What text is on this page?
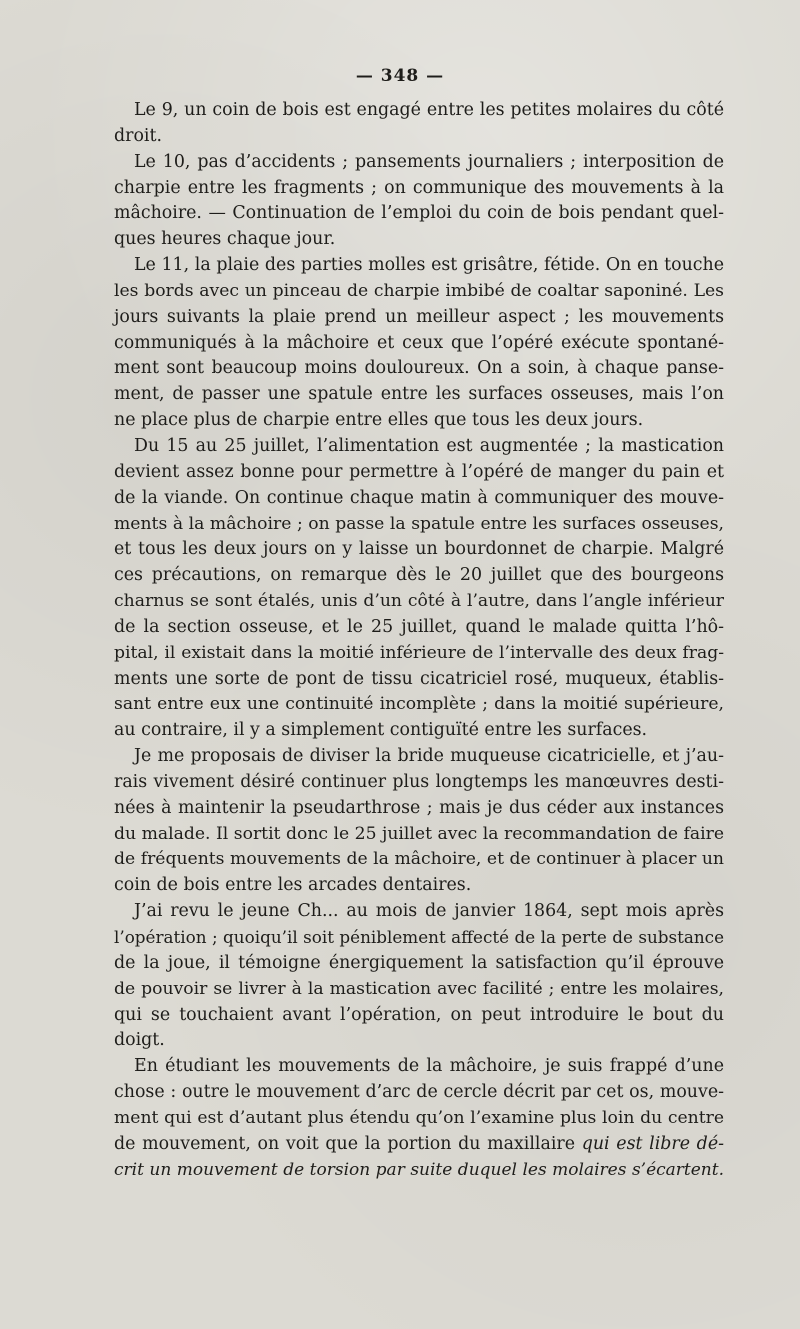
— 348 —
Le 9, un coin de bois est engagé entre les petites molaires du côté
droit.
Le 10, pas d’accidents ; pansements journaliers ; interposition de
charpie entre les fragments ; on communique des mouvements à la
mâchoire. — Continuation de l’emploi du coin de bois pendant quel-
ques heures chaque jour.
Le 11, la plaie des parties molles est grisâtre, fétide. On en touche
les bords avec un pinceau de charpie imbibé de coaltar saponiné. Les
jours suivants la plaie prend un meilleur aspect ; les mouvements
communiqués à la mâchoire et ceux que l’opéré exécute spontané-
ment sont beaucoup moins douloureux. On a soin, à chaque panse-
ment, de passer une spatule entre les surfaces osseuses, mais l’on
ne place plus de charpie entre elles que tous les deux jours.
Du 15 au 25 juillet, l’alimentation est augmentée ; la mastication
devient assez bonne pour permettre à l’opéré de manger du pain et
de la viande. On continue chaque matin à communiquer des mouve-
ments à la mâchoire ; on passe la spatule entre les surfaces osseuses,
et tous les deux jours on y laisse un bourdonnet de charpie. Malgré
ces précautions, on remarque dès le 20 juillet que des bourgeons
charnus se sont étalés, unis d’un côté à l’autre, dans l’angle inférieur
de la section osseuse, et le 25 juillet, quand le malade quitta l’hô-
pital, il existait dans la moitié inférieure de l’intervalle des deux frag-
ments une sorte de pont de tissu cicatriciel rosé, muqueux, établis-
sant entre eux une continuité incomplète ; dans la moitié supérieure,
au contraire, il y a simplement contiguïté entre les surfaces.
Je me proposais de diviser la bride muqueuse cicatricielle, et j’au-
rais vivement désiré continuer plus longtemps les manœuvres desti-
nées à maintenir la pseudarthrose ; mais je dus céder aux instances
du malade. Il sortit donc le 25 juillet avec la recommandation de faire
de fréquents mouvements de la mâchoire, et de continuer à placer un
coin de bois entre les arcades dentaires.
J’ai revu le jeune Ch... au mois de janvier 1864, sept mois après
l’opération ; quoiqu’il soit péniblement affecté de la perte de substance
de la joue, il témoigne énergiquement la satisfaction qu’il éprouve
de pouvoir se livrer à la mastication avec facilité ; entre les molaires,
qui se touchaient avant l’opération, on peut introduire le bout du
doigt.
En étudiant les mouvements de la mâchoire, je suis frappé d’une
chose : outre le mouvement d’arc de cercle décrit par cet os, mouve-
ment qui est d’autant plus étendu qu’on l’examine plus loin du centre
de mouvement, on voit que la portion du maxillaire qui est libre dé-
crit un mouvement de torsion par suite duquel les molaires s’écartent.
